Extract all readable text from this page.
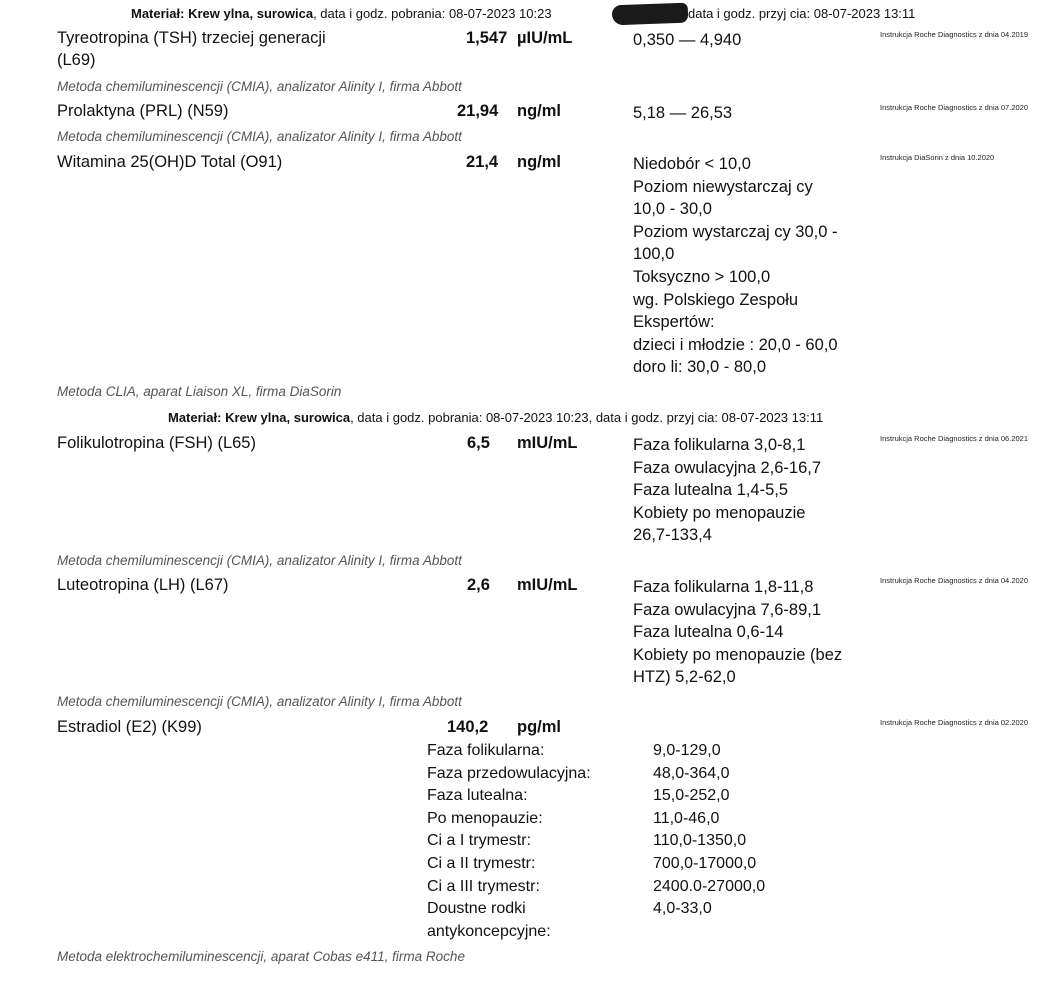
Materiał: Krew ylna, surowica, data i godz. pobrania: 08-07-2023 10:23	data i godz. przyj cia: 08-07-2023 13:11
Tyreotropina (TSH) trzeciej generacji
(L69)
1,547 µIU/mL	0,350 — 4,940	Instrukcja Roche Diagnostics z dnia 04.2019
Metoda chemiluminescencji (CMIA), analizator Alinity I, firma Abbott
Prolaktyna (PRL) (N59)	21,94 ng/ml	5,18 — 26,53	Instrukcja Roche Diagnostics z dnia 07.2020
Metoda chemiluminescencji (CMIA), analizator Alinity I, firma Abbott
Witamina 25(OH)D Total (O91)	21,4 ng/ml	Niedobór < 10,0
Poziom niewystarczaj cy
10,0 - 30,0
Poziom wystarczaj cy 30,0 -
100,0
Toksyczno > 100,0
wg. Polskiego Zespołu
Ekspertów:
dzieci i młodzie : 20,0 - 60,0
doro li: 30,0 - 80,0
Instrukcja DiaSorin z dnia 10.2020
Metoda CLIA, aparat Liaison XL, firma DiaSorin
Materiał: Krew ylna, surowica, data i godz. pobrania: 08-07-2023 10:23, data i godz. przyj cia: 08-07-2023 13:11
Folikulotropina (FSH) (L65)	6,5 mIU/mL	Faza folikularna 3,0-8,1
Faza owulacyjna 2,6-16,7
Faza lutealna 1,4-5,5
Kobiety po menopauzie
26,7-133,4
Instrukcja Roche Diagnostics z dnia 06.2021
Metoda chemiluminescencji (CMIA), analizator Alinity I, firma Abbott
Luteotropina (LH) (L67)	2,6 mIU/mL	Faza folikularna 1,8-11,8
Faza owulacyjna 7,6-89,1
Faza lutealna 0,6-14
Kobiety po menopauzie (bez
HTZ) 5,2-62,0
Instrukcja Roche Diagnostics z dnia 04.2020
Metoda chemiluminescencji (CMIA), analizator Alinity I, firma Abbott
Estradiol (E2) (K99)	140,2 pg/ml	Instrukcja Roche Diagnostics z dnia 02.2020
Faza folikularna:	9,0-129,0
Faza przedowulacyjna:	48,0-364,0
Faza lutealna:	15,0-252,0
Po menopauzie:	11,0-46,0
Ci a I trymestr:	110,0-1350,0
Ci a II trymestr:	700,0-17000,0
Ci a III trymestr:	2400.0-27000,0
Doustne rodki	4,0-33,0
antykoncepcyjne:
Metoda elektrochemiluminescencji, aparat Cobas e411, firma Roche
